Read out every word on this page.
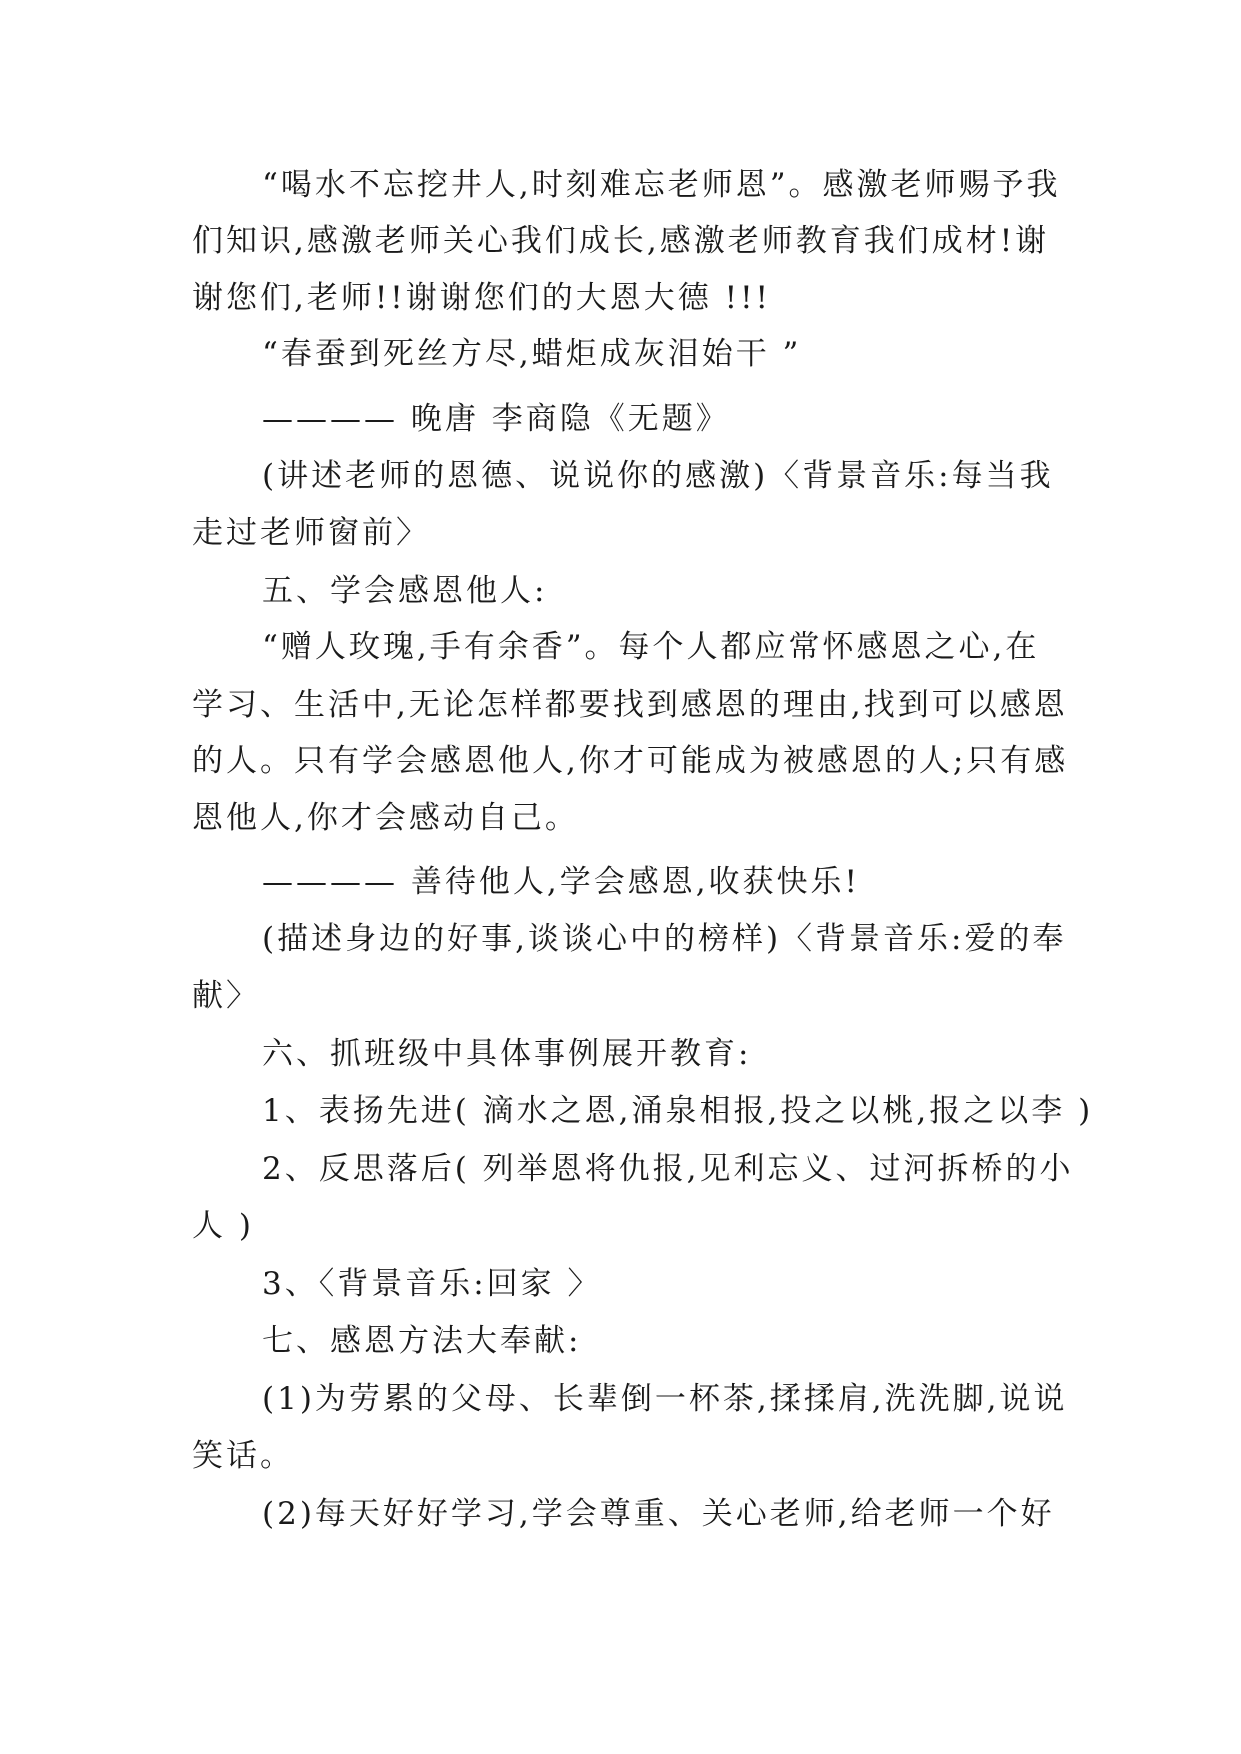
“喝水不忘挖井人,时刻难忘老师恩”。感激老师赐予我
们知识,感激老师关心我们成长,感激老师教育我们成材!谢
谢您们,老师!!谢谢您们的大恩大德 !!!
“春蚕到死丝方尽,蜡炬成灰泪始干 ”
———— 晚唐 李商隐《无题》
(讲述老师的恩德、说说你的感激)〈背景音乐:每当我
走过老师窗前〉
五、学会感恩他人:
“赠人玫瑰,手有余香”。每个人都应常怀感恩之心,在
学习、生活中,无论怎样都要找到感恩的理由,找到可以感恩
的人。只有学会感恩他人,你才可能成为被感恩的人;只有感
恩他人,你才会感动自己。
———— 善待他人,学会感恩,收获快乐!
(描述身边的好事,谈谈心中的榜样)〈背景音乐:爱的奉
献〉
六、抓班级中具体事例展开教育:
1、表扬先进( 滴水之恩,涌泉相报,投之以桃,报之以李 )
2、反思落后( 列举恩将仇报,见利忘义、过河拆桥的小
人 )
3、〈背景音乐:回家 〉
七、感恩方法大奉献:
(1)为劳累的父母、长辈倒一杯茶,揉揉肩,洗洗脚,说说
笑话。
(2)每天好好学习,学会尊重、关心老师,给老师一个好
